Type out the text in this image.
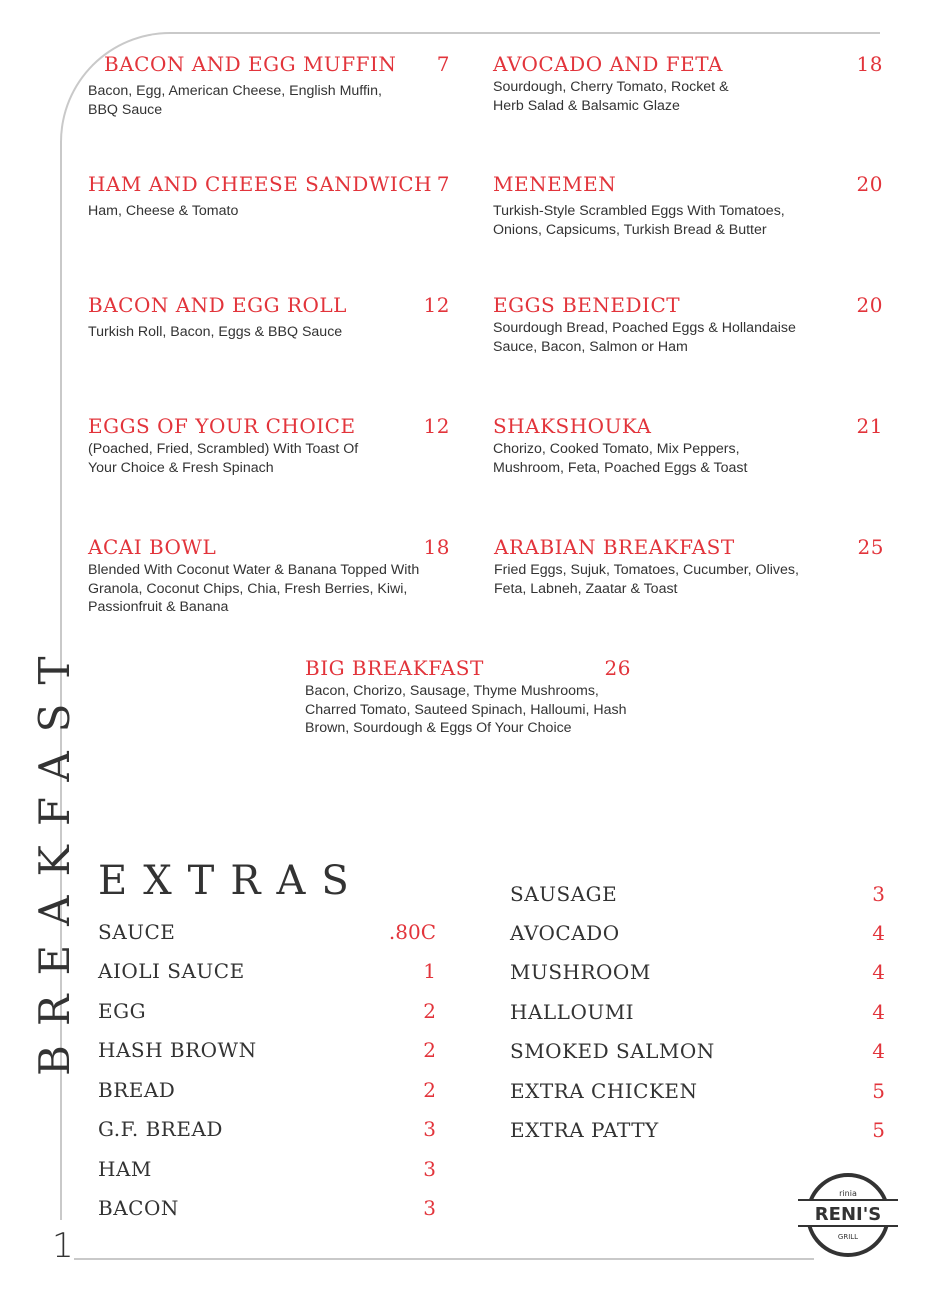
1
BREAKFAST
BACON AND EGG MUFFIN 7
Bacon, Egg, American Cheese, English Muffin, BBQ Sauce
AVOCADO AND FETA	18
Sourdough, Cherry Tomato, Rocket & Herb Salad & Balsamic Glaze
HAM AND CHEESE SANDWICH 7
Ham, Cheese & Tomato
MENEMEN	20
Turkish-Style Scrambled Eggs With Tomatoes, Onions, Capsicums, Turkish Bread & Butter
BACON AND EGG ROLL	12
Turkish Roll, Bacon, Eggs & BBQ Sauce
EGGS BENEDICT	20
Sourdough Bread, Poached Eggs & Hollandaise Sauce, Bacon, Salmon or Ham
EGGS OF YOUR CHOICE	12
(Poached, Fried, Scrambled) With Toast Of Your Choice & Fresh Spinach
SHAKSHOUKA	21
Chorizo, Cooked Tomato, Mix Peppers, Mushroom, Feta, Poached Eggs & Toast
ACAI BOWL	18
Blended With Coconut Water & Banana Topped With Granola, Coconut Chips, Chia, Fresh Berries, Kiwi, Passionfruit & Banana
ARABIAN BREAKFAST	25
Fried Eggs, Sujuk, Tomatoes, Cucumber, Olives, Feta, Labneh, Zaatar & Toast
BIG BREAKFAST	26
Bacon, Chorizo, Sausage, Thyme Mushrooms, Charred Tomato, Sauteed Spinach, Halloumi, Hash Brown, Sourdough & Eggs Of Your Choice
EXTRAS
SAUCE	.80C
AIOLI SAUCE	1
EGG	2
HASH BROWN	2
BREAD	2
G.F. BREAD	3
HAM	3
BACON	3
SAUSAGE	3
AVOCADO	4
MUSHROOM	4
HALLOUMI	4
SMOKED SALMON	4
EXTRA CHICKEN	5
EXTRA PATTY	5
rinia
RENI'S
GRILL
